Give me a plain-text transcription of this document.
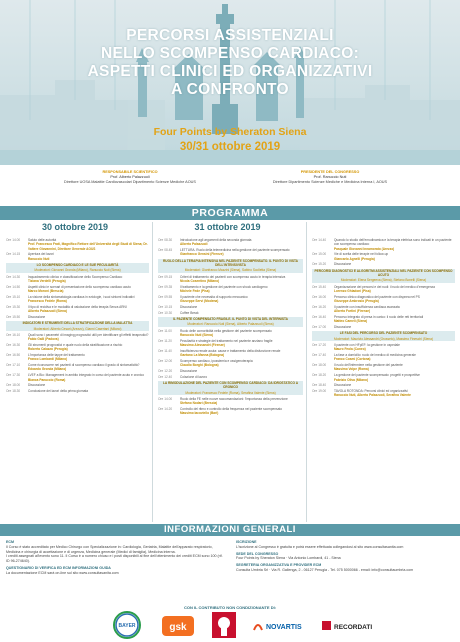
PERCORSI ASSISTENZIALI
NELLO SCOMPENSO CARDIACO:
ASPETTI CLINICI ED ORGANIZZATIVI
A CONFRONTO
Four Points by Sheraton Siena
30/31 ottobre 2019
RESPONSABILE SCIENTIFICO
Prof. Alberto Palazzuoli
Direttore UOSA Malattie Cardiovascolari Dipartimento Scienze Mediche AOUS
PRESIDENTE DEL CONGRESSO
Prof. Ranuccio Nuti
Direttore Dipartimento Scienze Mediche e Medicina Interna I, AOUS
PROGRAMMA
30 ottobre 2019	31 ottobre 2019
Ore 14.00 Saluto delle autorità
Prof. Francesco Frati, Magnifico Rettore dell'Università degli Studi di Siena; Dr. Valtere Giovannini, Direttore Generale AOUS
Ore 14.15 Apertura dei lavori
Ranuccio Nuti
LO SCOMPENSO CARDIACO E LE SUE PECULIARITÀ
Moderatori: Giovanni Gronda (Milano), Ranuccio Nuti (Siena)
Ore 14.30 Inquadramento clinico e classificazione dello Scompenso Cardiaco
Tiziana Verdelli (Perugia)
Ore 14.50 Aspetti clinici e scenari di presentazione dello scompenso cardiaco acuto
Marco Moroni (Brescia)
Ore 15.10 La visione della sintomatologia cardiaca in eziologie, i suoi sintomi indicativi
Francesco Fedele (Roma)
Ore 15.30 Il tipo di recidiva e le modalità di valutazione della terapia Senza ARNI
Alberto Palazzuoli (Siena)
Ore 15.50 Discussione
INDICATORI E STRUMENTI DELLA STRATIFICAZIONE DELLA MALATTIA
Moderatori: Alberto Cesari (Arezzo), Gianni Casertani (Milano)
Ore 16.10 Quali sono i parametri di imaging prognostici utili per identificare gli effetti terapeutici?
Fabio Galli (Padova)
Ore 16.30 Gli strumenti prognostici e quale ruolo della stratificazione a rischio
Roberto Caiazzo (Perugia)
Ore 16.50 L'importanza delle tappe del trattamento
Franco Lombardi (Milano)
Ore 17.10 Come riconoscere nei pazienti di scompenso cardiaco il grado di sintomaticità?
Edoardo Gronda (Milano)
Ore 17.30 LVEF a Bio: Management in ambito integrato in corso del paziente acuto e cronico
Bianca Panuccio (Roma)
Ore 18.00 Discussione
Ore 18.30 Conclusione dei lavori della prima giornata
Ore 08.30 Introduzione agli argomenti della seconda giornata
Alberto Palazzuoli
Ore 08.45 LETTURA. Ruolo della telemedicina nella gestione del paziente scompensato
Gianfranco Gensini (Firenze)
RUOLO DELLA TERAPIA INTENSIVA NEL PAZIENTE SCOMPENSATO. IL PUNTO DI VISTA DELL'INTENSIVISTA
Moderatori: Gianfranco Mazzini (Siena), Sabino Scolletta (Siena)
Ore 09.15 Criteri di trattamento dei pazienti con scompenso acuto in terapia intensiva
Nicola Cosentino (Milano)
Ore 09.35 Il trattamento e la gestione del paziente con shock cardiogeno
Michele Fede (Pisa)
Ore 09.55 Il paziente che necessita di supporto meccanico
Giuseppe Servi (Modena)
Ore 10.15 Discussione
Ore 10.30 Coffee Break
IL PAZIENTE COMPENSATO FRAGILE. IL PUNTO DI VISTA DEL INTERNISTA
Moderatori: Ranuccio Nuti (Siena), Alberto Palazzuoli (Siena)
Ore 11.00	Ruolo delle comorbidità nella gestione del paziente scompensato
Ranuccio Nuti (Siena)
Ore 11.20	Peculiarità e strategie del trattamento nel paziente anziano fragile
Massimo Alessandri (Firenze)
Ore 11.40	Insufficienza renale acuta: cause e trattamento della disfunzione renale
Gaetano La Manna (Bologna)
Ore 12.00 Scompenso cardiaco, ipossiemia e ossigenoterapia
Claudio Borghi (Bologna)
Ore 12.20 Discussione
Ore 12.40 Colazione di lavoro
LA RIMODULAZIONE DEL PAZIENTE CON SCOMPENSO CARDIACO: DA IDROSTATICO A CRONICO
Moderatori: Francesco Fedele (Roma), Serafina Valente (Siena)
Ore 14.00 Ruolo della FE nelle nuove raccomandazioni: l'importanza della prevenzione
Stefano Nodari (Brescia)
Ore 14.20 Controllo del ritmo e controllo della frequenza nel paziente scompensato
Massimo Iacoviello (Bari)
Ore 14.40 Quando lo studio dell'emodinamica e la terapia elettrica sono indicati in un paziente con scompenso cardiaco
Pasquale Giovanni Innamorato (Arezzo)
Ore 15.00 Vie di scelta delle terapie nel follow-up
Giancarlo Agnelli (Perugia)
Ore 15.20 Discussione
PERCORSI DIAGNOSTICI E ALGORITMI ASSISTENZIALI NEL PAZIENTE CON SCOMPENSO ACUTO
Moderatori: Elena Sergeeva (Siena), Stefano Bonelli (Siena)
Ore 15.40 Organizzazione dei percorsi e dei ruoli: il ruolo del medico d'emergenza
Lorenzo Ghiadoni (Pisa)
Ore 16.00 Percorso clinico diagnostico del paziente con dispnea nel PS
Giuseppe Ambrosio (Perugia)
Ore 16.20 Il paziente con insufficienza cardiaca avanzata
Alberto Fortini (Firenze)
Ore 16.40 Percorso integrato di presa in carico: il ruolo delle reti territoriali
Matteo Cameli (Siena)
Ore 17.00 Discussione
LE FASI DEL PERCORSO DEL PAZIENTE SCOMPENSATO
Moderatori: Maurizio Alessandri (Grosseto), Massimo Fineschi (Siena)
Ore 17.20 Il paziente con HFpEF: la gestione in ospedale
Mauro Feola (Cuneo)
Ore 17.40 La fase a domicilio: ruolo del medico di medicina generale
Franco Cosmi (Cortona)
Ore 18.00 Il ruolo dell'infermiere nella gestione del paziente
Massimo Volpe (Roma)
Ore 18.20 La gestione del paziente scompensato: progetti e prospettive
Fabrizio Oliva (Milano)
Ore 18.40 Discussione
Ore 19.00 TAVOLA ROTONDA: Percorsi clinici ed organizzativi
Ranuccio Nuti, Alberto Palazzuoli, Serafina Valente
INFORMAZIONI GENERALI
ECM
Il Corso è stato accreditato per Medico Chirurgo con Specializzazione in: Cardiologia, Geriatria, Malattie dell'apparato respiratorio, Medicina e chirurgia di accettazione e di urgenza, Medicina generale (Medici di famiglia), Medicina interna.
I crediti assegnati all'evento sono 11. Il Corso è a numero chiuso e i posti disponibili al fine dell'ottenimento dei crediti ECM sono 100 (rif. ID 96-274640).
QUESTIONARIO DI VERIFICA ED ECM INFORMAZIONI GUIDA
La documentazione ECM sarà on-line sul sito www.consultasanita.com
ISCRIZIONE
L'iscrizione al Congresso è gratuita e potrà essere effettuata collegandosi al sito www.consultasanita.com
SEDE DEL CONGRESSO
Four Points by Sheraton Siena · Via Antonio Lombardi, 41 - Siena
SEGRETERIA ORGANIZZATIVA E PROVIDER ECM
Consulta Umbria Srl · Via R. Gallenga, 2 - 06127 Perugia - Tel. 075 5000066 - email: info@consultaumbria.com
CON IL CONTRIBUTO NON CONDIZIONANTE DI:
BAYER	gsk	NOVARTIS	RECORDATI
